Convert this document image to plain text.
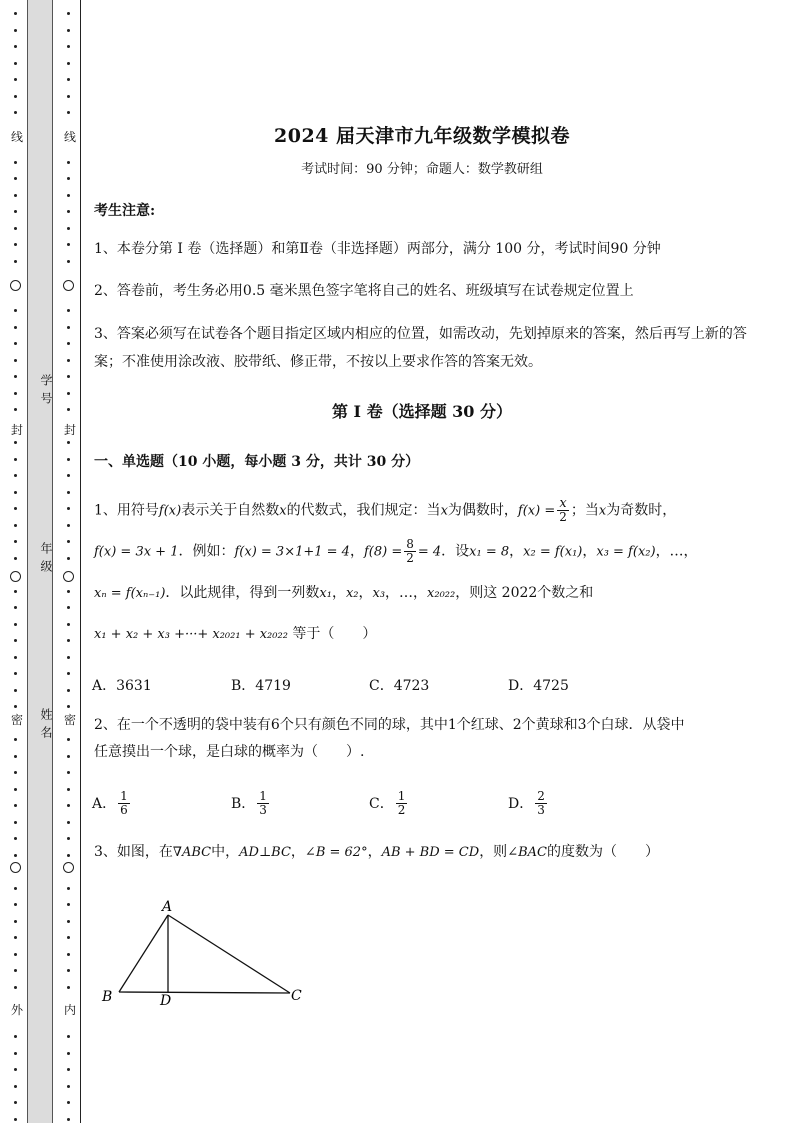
线
封
密
外
学号
年级
姓名
线
封
密
内
2024 届天津市九年级数学模拟卷
考试时间：90 分钟；命题人：数学教研组
考生注意:
1、本卷分第 I 卷（选择题）和第Ⅱ卷（非选择题）两部分，满分 100 分，考试时间90 分钟
2、答卷前，考生务必用0.5 毫米黑色签字笔将自己的姓名、班级填写在试卷规定位置上
3、答案必须写在试卷各个题目指定区域内相应的位置，如需改动，先划掉原来的答案，然后再写上新的答案；不准使用涂改液、胶带纸、修正带，不按以上要求作答的答案无效。
第 I 卷（选择题 30 分）
一、单选题（10 小题，每小题 3 分，共计 30 分）
1、用符号f(x)表示关于自然数x的代数式，我们规定：当x为偶数时，$f(x) = \frac{x}{2}$ ；当x为奇数时，
f(x) = 3x + 1．例如：f(x) = 3×1+1 = 4，$f(8) = \frac{8}{2} = 4$．设x₁ = 8，x₂ = f(x₁)，x₃ = f(x₂)，…，
xₙ = f(xₙ₋₁)．以此规律，得到一列数x₁，x₂，x₃，…，x₂₀₂₂，则这 2022个数之和
x₁ + x₂ + x₃ +···+ x₂₀₂₁ + x₂₀₂₂ 等于（　　）
A．3631	B．4719	C．4723	D．4725
2、在一个不透明的袋中装有6个只有颜色不同的球，其中1个红球、2个黄球和3个白球．从袋中
任意摸出一个球，是白球的概率为（　　）.
A． $\frac{1}{6}$	B． $\frac{1}{3}$	C． $\frac{1}{2}$	D． $\frac{2}{3}$
3、如图，在∇ABC中，AD⊥BC，∠B = 62°，AB + BD = CD，则∠BAC的度数为（　　）
A
B	D	C
